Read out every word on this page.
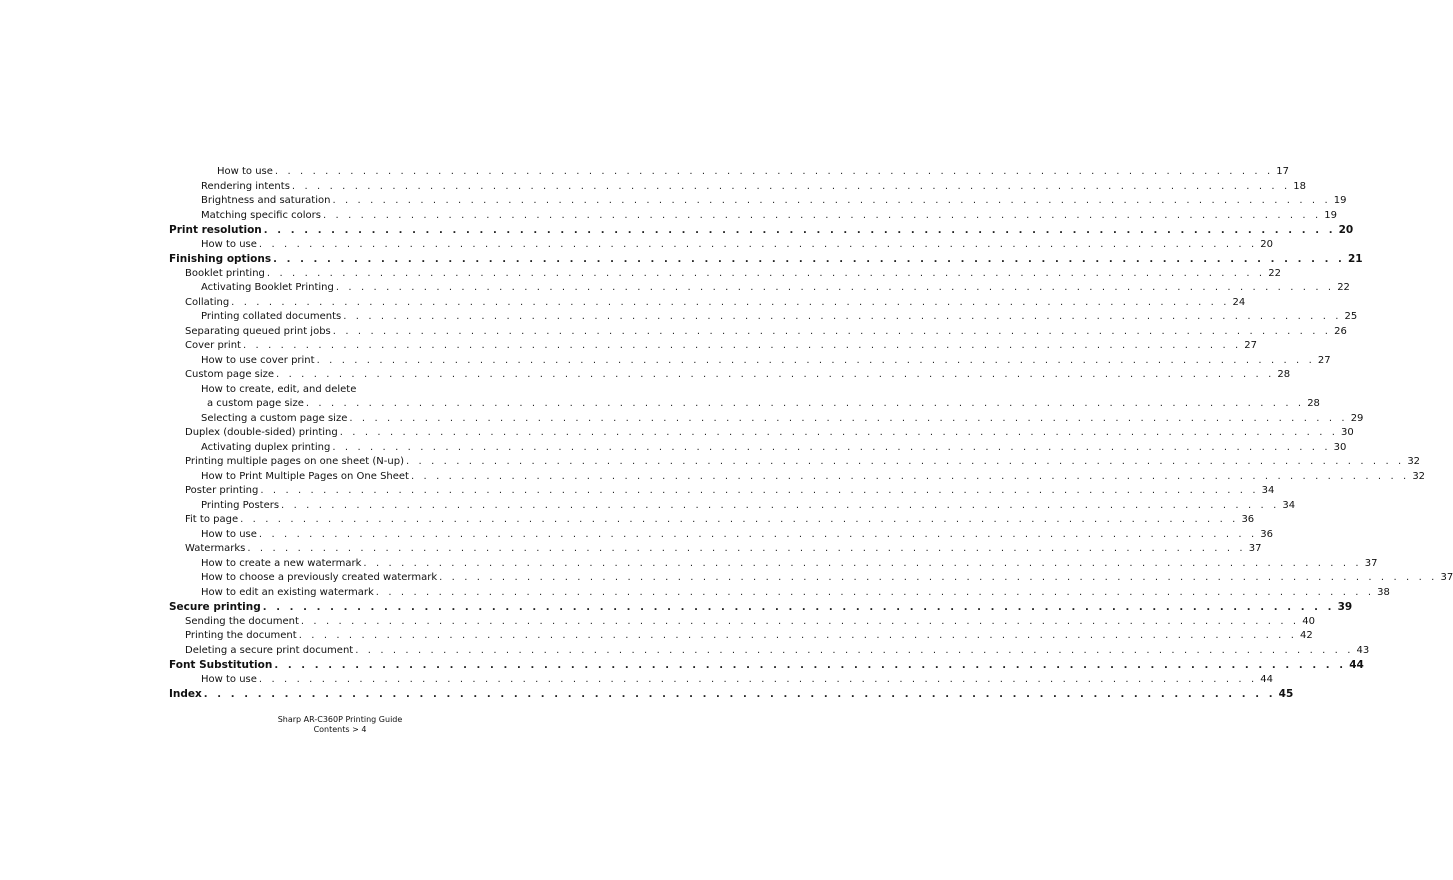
How to use . . . . . . . . . . . . . . . . . . . . . . . . . . . . . . . . . . . . . . . . . . . . . . . . . . . . . . . . . . . . . . . . . . . . . . . . . . . . . . . . 17
Rendering intents . . . . . . . . . . . . . . . . . . . . . . . . . . . . . . . . . . . . . . . . . . . . . . . . . . . . . . . . . . . . . . . . . . . . . . . . . . . . . . . . 18
Brightness and saturation . . . . . . . . . . . . . . . . . . . . . . . . . . . . . . . . . . . . . . . . . . . . . . . . . . . . . . . . . . . . . . . . . . . . . . . . . . . . . . . . 19
Matching specific colors . . . . . . . . . . . . . . . . . . . . . . . . . . . . . . . . . . . . . . . . . . . . . . . . . . . . . . . . . . . . . . . . . . . . . . . . . . . . . . . . 19
Print resolution . . . . . . . . . . . . . . . . . . . . . . . . . . . . . . . . . . . . . . . . . . . . . . . . . . . . . . . . . . . . . . . . . . . . . . . . . . . . . . . . 20
How to use . . . . . . . . . . . . . . . . . . . . . . . . . . . . . . . . . . . . . . . . . . . . . . . . . . . . . . . . . . . . . . . . . . . . . . . . . . . . . . . . 20
Finishing options . . . . . . . . . . . . . . . . . . . . . . . . . . . . . . . . . . . . . . . . . . . . . . . . . . . . . . . . . . . . . . . . . . . . . . . . . . . . . . . . 21
Booklet printing . . . . . . . . . . . . . . . . . . . . . . . . . . . . . . . . . . . . . . . . . . . . . . . . . . . . . . . . . . . . . . . . . . . . . . . . . . . . . . . . 22
Activating Booklet Printing . . . . . . . . . . . . . . . . . . . . . . . . . . . . . . . . . . . . . . . . . . . . . . . . . . . . . . . . . . . . . . . . . . . . . . . . . . . . . . . . 22
Collating . . . . . . . . . . . . . . . . . . . . . . . . . . . . . . . . . . . . . . . . . . . . . . . . . . . . . . . . . . . . . . . . . . . . . . . . . . . . . . . . 24
Printing collated documents . . . . . . . . . . . . . . . . . . . . . . . . . . . . . . . . . . . . . . . . . . . . . . . . . . . . . . . . . . . . . . . . . . . . . . . . . . . . . . . . 25
Separating queued print jobs . . . . . . . . . . . . . . . . . . . . . . . . . . . . . . . . . . . . . . . . . . . . . . . . . . . . . . . . . . . . . . . . . . . . . . . . . . . . . . . . 26
Cover print . . . . . . . . . . . . . . . . . . . . . . . . . . . . . . . . . . . . . . . . . . . . . . . . . . . . . . . . . . . . . . . . . . . . . . . . . . . . . . . . 27
How to use cover print . . . . . . . . . . . . . . . . . . . . . . . . . . . . . . . . . . . . . . . . . . . . . . . . . . . . . . . . . . . . . . . . . . . . . . . . . . . . . . . . 27
Custom page size . . . . . . . . . . . . . . . . . . . . . . . . . . . . . . . . . . . . . . . . . . . . . . . . . . . . . . . . . . . . . . . . . . . . . . . . . . . . . . . . 28
How to create, edit, and delete
a custom page size . . . . . . . . . . . . . . . . . . . . . . . . . . . . . . . . . . . . . . . . . . . . . . . . . . . . . . . . . . . . . . . . . . . . . . . . . . . . . . . . 28
Selecting a custom page size . . . . . . . . . . . . . . . . . . . . . . . . . . . . . . . . . . . . . . . . . . . . . . . . . . . . . . . . . . . . . . . . . . . . . . . . . . . . . . . . 29
Duplex (double-sided) printing . . . . . . . . . . . . . . . . . . . . . . . . . . . . . . . . . . . . . . . . . . . . . . . . . . . . . . . . . . . . . . . . . . . . . . . . . . . . . . . . 30
Activating duplex printing . . . . . . . . . . . . . . . . . . . . . . . . . . . . . . . . . . . . . . . . . . . . . . . . . . . . . . . . . . . . . . . . . . . . . . . . . . . . . . . . 30
Printing multiple pages on one sheet (N-up) . . . . . . . . . . . . . . . . . . . . . . . . . . . . . . . . . . . . . . . . . . . . . . . . . . . . . . . . . . . . . . . . . . . . . . . . . . . . . . . . 32
How to Print Multiple Pages on One Sheet . . . . . . . . . . . . . . . . . . . . . . . . . . . . . . . . . . . . . . . . . . . . . . . . . . . . . . . . . . . . . . . . . . . . . . . . . . . . . . . . 32
Poster printing . . . . . . . . . . . . . . . . . . . . . . . . . . . . . . . . . . . . . . . . . . . . . . . . . . . . . . . . . . . . . . . . . . . . . . . . . . . . . . . . 34
Printing Posters . . . . . . . . . . . . . . . . . . . . . . . . . . . . . . . . . . . . . . . . . . . . . . . . . . . . . . . . . . . . . . . . . . . . . . . . . . . . . . . . 34
Fit to page . . . . . . . . . . . . . . . . . . . . . . . . . . . . . . . . . . . . . . . . . . . . . . . . . . . . . . . . . . . . . . . . . . . . . . . . . . . . . . . . 36
How to use . . . . . . . . . . . . . . . . . . . . . . . . . . . . . . . . . . . . . . . . . . . . . . . . . . . . . . . . . . . . . . . . . . . . . . . . . . . . . . . . 36
Watermarks . . . . . . . . . . . . . . . . . . . . . . . . . . . . . . . . . . . . . . . . . . . . . . . . . . . . . . . . . . . . . . . . . . . . . . . . . . . . . . . . 37
How to create a new watermark . . . . . . . . . . . . . . . . . . . . . . . . . . . . . . . . . . . . . . . . . . . . . . . . . . . . . . . . . . . . . . . . . . . . . . . . . . . . . . . . 37
How to choose a previously created watermark . . . . . . . . . . . . . . . . . . . . . . . . . . . . . . . . . . . . . . . . . . . . . . . . . . . . . . . . . . . . . . . . . . . . . . . . . . . . . . . . 37
How to edit an existing watermark . . . . . . . . . . . . . . . . . . . . . . . . . . . . . . . . . . . . . . . . . . . . . . . . . . . . . . . . . . . . . . . . . . . . . . . . . . . . . . . . 38
Secure printing . . . . . . . . . . . . . . . . . . . . . . . . . . . . . . . . . . . . . . . . . . . . . . . . . . . . . . . . . . . . . . . . . . . . . . . . . . . . . . . . 39
Sending the document . . . . . . . . . . . . . . . . . . . . . . . . . . . . . . . . . . . . . . . . . . . . . . . . . . . . . . . . . . . . . . . . . . . . . . . . . . . . . . . . 40
Printing the document . . . . . . . . . . . . . . . . . . . . . . . . . . . . . . . . . . . . . . . . . . . . . . . . . . . . . . . . . . . . . . . . . . . . . . . . . . . . . . . . 42
Deleting a secure print document . . . . . . . . . . . . . . . . . . . . . . . . . . . . . . . . . . . . . . . . . . . . . . . . . . . . . . . . . . . . . . . . . . . . . . . . . . . . . . . . 43
Font Substitution . . . . . . . . . . . . . . . . . . . . . . . . . . . . . . . . . . . . . . . . . . . . . . . . . . . . . . . . . . . . . . . . . . . . . . . . . . . . . . . . 44
How to use . . . . . . . . . . . . . . . . . . . . . . . . . . . . . . . . . . . . . . . . . . . . . . . . . . . . . . . . . . . . . . . . . . . . . . . . . . . . . . . . 44
Index . . . . . . . . . . . . . . . . . . . . . . . . . . . . . . . . . . . . . . . . . . . . . . . . . . . . . . . . . . . . . . . . . . . . . . . . . . . . . . . . 45
Sharp AR-C360P Printing Guide
Contents > 4
